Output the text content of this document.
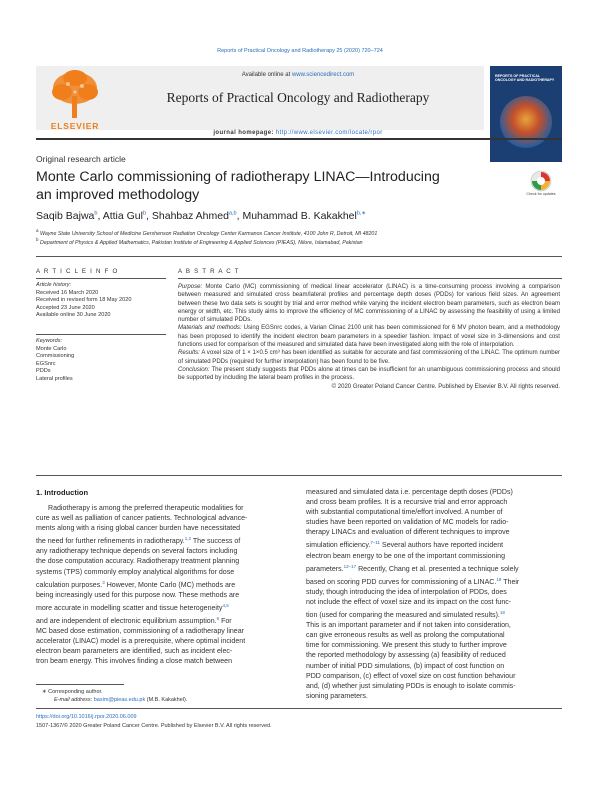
Reports of Practical Oncology and Radiotherapy 25 (2020) 720–724
ELSEVIER
Available online at www.sciencedirect.com
Reports of Practical Oncology and Radiotherapy
journal homepage: http://www.elsevier.com/locate/rpor
REPORTS OF PRACTICAL ONCOLOGY AND RADIOTHERAPY
Original research article
Monte Carlo commissioning of radiotherapy LINAC—Introducing
an improved methodology	Check for updates
Saqib Bajwa$^b$, Attia Gul$^b$, Shahbaz Ahmed$^{a,b}$, Muhammad B. Kakakhel$^{b,∗}$
$^a$ Wayne State University School of Medicine Gershenson Radiation Oncology Center Karmanos Cancer Institute, 4100 John R, Detroit, MI 48201
$^b$ Department of Physics & Applied Mathematics, Pakistan Institute of Engineering & Applied Sciences (PIEAS), Nilore, Islamabad, Pakistan
A R T I C L E I N F O
Article history:
Received 16 March 2020
Received in revised form 18 May 2020
Accepted 23 June 2020
Available online 30 June 2020
Keywords:
Monte Carlo
Commissioning
EGSnrc
PDDs
Lateral profiles
A B S T R A C T

Purpose: Monte Carlo (MC) commissioning of medical linear accelerator (LINAC) is a time-consuming process involving a comparison between measured and simulated cross beam/lateral profiles and percentage depth doses (PDDs) for various field sizes. An agreement between these two data sets is sought by trial and error method while varying the incident electron beam parameters, such as electron beam energy or width, etc. This study aims to improve the efficiency of MC commissioning of a LINAC by assessing the feasibility of using a limited number of simulated PDDs.

Materials and methods: Using EGSnrc codes, a Varian Clinac 2100 unit has been commissioned for 6 MV photon beam, and a methodology has been proposed to identify the incident electron beam parameters in a speedier fashion. Impact of voxel size in 3-dimensions and cost functions used for comparison of the measured and simulated data have been investigated along with the role of interpolation.

Results: A voxel size of 1 × 1×0.5 cm³ has been identified as suitable for accurate and fast commissioning of the LINAC. The optimum number of simulated PDDs (required for further interpolation) has been found to be five.

Conclusion: The present study suggests that PDDs alone at times can be insufficient for an unambiguous commissioning process and should be supported by including the lateral beam profiles in the process.

© 2020 Greater Poland Cancer Centre. Published by Elsevier B.V. All rights reserved.

1. Introduction
Radiotherapy is among the preferred therapeutic modalities for
cure as well as palliation of cancer patients. Technological advance-
ments along with a rising global cancer burden have necessitated
the need for further refinements in radiotherapy.$^{1,2}$ The success of
any radiotherapy technique depends on several factors including
the dose computation accuracy. Radiotherapy treatment planning
systems (TPS) commonly employ analytical algorithms for dose
calculation purposes.$^3$ However, Monte Carlo (MC) methods are
being increasingly used for this purpose now. These methods are
more accurate in modelling scatter and tissue heterogeneity$^{4,5}$
and are independent of electronic equilibrium assumption.$^6$ For
MC based dose estimation, commissioning of a radiotherapy linear
accelerator (LINAC) model is a prerequisite, where optimal incident
electron beam parameters are identified, such as incident elec-
tron beam energy. This involves finding a close match between
measured and simulated data i.e. percentage depth doses (PDDs)
and cross beam profiles. It is a recursive trial and error approach
with substantial computational time/effort involved. A number of
studies have been reported on validation of MC models for radio-
therapy LINACs and evaluation of different techniques to improve
simulation efficiency.$^{7-11}$ Several authors have reported incident
electron beam energy to be one of the important commissioning
parameters.$^{12-17}$ Recently, Chang et al. presented a technique solely
based on scoring PDD curves for commissioning of a LINAC.$^{18}$ Their
study, though introducing the idea of interpolation of PDDs, does
not include the effect of voxel size and its impact on the cost func-
tion (used for comparing the measured and simulated results).$^{18}$
This is an important parameter and if not taken into consideration,
can give erroneous results as well as prolong the computational
time for commissioning. We present this study to further improve
the reported methodology by assessing (a) feasibility of reduced
number of initial PDD simulations, (b) impact of cost function on
PDD comparison, (c) effect of voxel size on cost function behaviour
and, (d) whether just simulating PDDs is enough to isolate commis-
sioning parameters.
∗ Corresponding author.
E-mail address: basim@pieas.edu.pk (M.B. Kakakhel).
https://doi.org/10.1016/j.rpor.2020.06.009
1507-1367/© 2020 Greater Poland Cancer Centre. Published by Elsevier B.V. All rights reserved.
